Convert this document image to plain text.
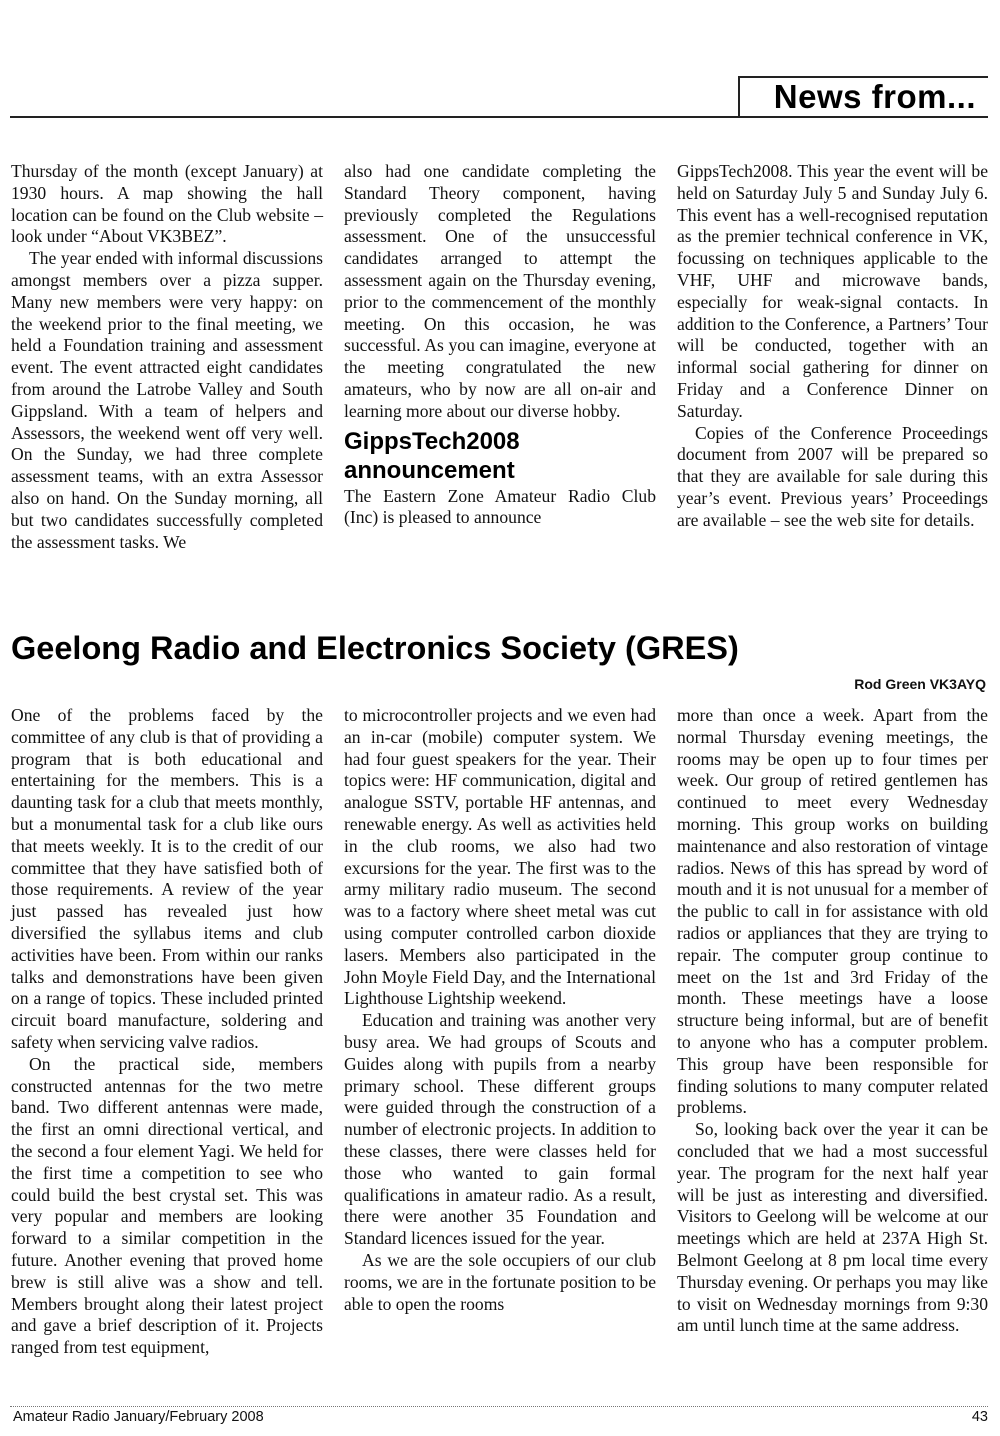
News from...

Thursday of the month (except January) at 1930 hours. A map showing the hall location can be found on the Club website – look under “About VK3BEZ”.

The year ended with informal discussions amongst members over a pizza supper. Many new members were very happy: on the weekend prior to the final meeting, we held a Foundation training and assessment event. The event attracted eight candidates from around the Latrobe Valley and South Gippsland. With a team of helpers and Assessors, the weekend went off very well. On the Sunday, we had three complete assessment teams, with an extra Assessor also on hand. On the Sunday morning, all but two candidates successfully completed the assessment tasks. We

also had one candidate completing the Standard Theory component, having previously completed the Regulations assessment. One of the unsuccessful candidates arranged to attempt the assessment again on the Thursday evening, prior to the commencement of the monthly meeting. On this occasion, he was successful. As you can imagine, everyone at the meeting congratulated the new amateurs, who by now are all on-air and learning more about our diverse hobby.

GippsTech2008 announcement

The Eastern Zone Amateur Radio Club (Inc) is pleased to announce

GippsTech2008. This year the event will be held on Saturday July 5 and Sunday July 6. This event has a well-recognised reputation as the premier technical conference in VK, focussing on techniques applicable to the VHF, UHF and microwave bands, especially for weak-signal contacts. In addition to the Conference, a Partners’ Tour will be conducted, together with an informal social gathering for dinner on Friday and a Conference Dinner on Saturday.

Copies of the Conference Proceedings document from 2007 will be prepared so that they are available for sale during this year’s event. Previous years’ Proceedings are available – see the web site for details.

Geelong Radio and Electronics Society (GRES)
Rod Green VK3AYQ

One of the problems faced by the committee of any club is that of providing a program that is both educational and entertaining for the members. This is a daunting task for a club that meets monthly, but a monumental task for a club like ours that meets weekly. It is to the credit of our committee that they have satisfied both of those requirements. A review of the year just passed has revealed just how diversified the syllabus items and club activities have been. From within our ranks talks and demonstrations have been given on a range of topics. These included printed circuit board manufacture, soldering and safety when servicing valve radios.

On the practical side, members constructed antennas for the two metre band. Two different antennas were made, the first an omni directional vertical, and the second a four element Yagi. We held for the first time a competition to see who could build the best crystal set. This was very popular and members are looking forward to a similar competition in the future. Another evening that proved home brew is still alive was a show and tell. Members brought along their latest project and gave a brief description of it. Projects ranged from test equipment,

to microcontroller projects and we even had an in-car (mobile) computer system. We had four guest speakers for the year. Their topics were: HF communication, digital and analogue SSTV, portable HF antennas, and renewable energy. As well as activities held in the club rooms, we also had two excursions for the year. The first was to the army military radio museum. The second was to a factory where sheet metal was cut using computer controlled carbon dioxide lasers. Members also participated in the John Moyle Field Day, and the International Lighthouse Lightship weekend.

Education and training was another very busy area. We had groups of Scouts and Guides along with pupils from a nearby primary school. These different groups were guided through the construction of a number of electronic projects. In addition to these classes, there were classes held for those who wanted to gain formal qualifications in amateur radio. As a result, there were another 35 Foundation and Standard licences issued for the year.

As we are the sole occupiers of our club rooms, we are in the fortunate position to be able to open the rooms

more than once a week. Apart from the normal Thursday evening meetings, the rooms may be open up to four times per week. Our group of retired gentlemen has continued to meet every Wednesday morning. This group works on building maintenance and also restoration of vintage radios. News of this has spread by word of mouth and it is not unusual for a member of the public to call in for assistance with old radios or appliances that they are trying to repair. The computer group continue to meet on the 1st and 3rd Friday of the month. These meetings have a loose structure being informal, but are of benefit to anyone who has a computer problem. This group have been responsible for finding solutions to many computer related problems.

So, looking back over the year it can be concluded that we had a most successful year. The program for the next half year will be just as interesting and diversified. Visitors to Geelong will be welcome at our meetings which are held at 237A High St. Belmont Geelong at 8 pm local time every Thursday evening. Or perhaps you may like to visit on Wednesday mornings from 9:30 am until lunch time at the same address.

Amateur Radio January/February 2008	43
